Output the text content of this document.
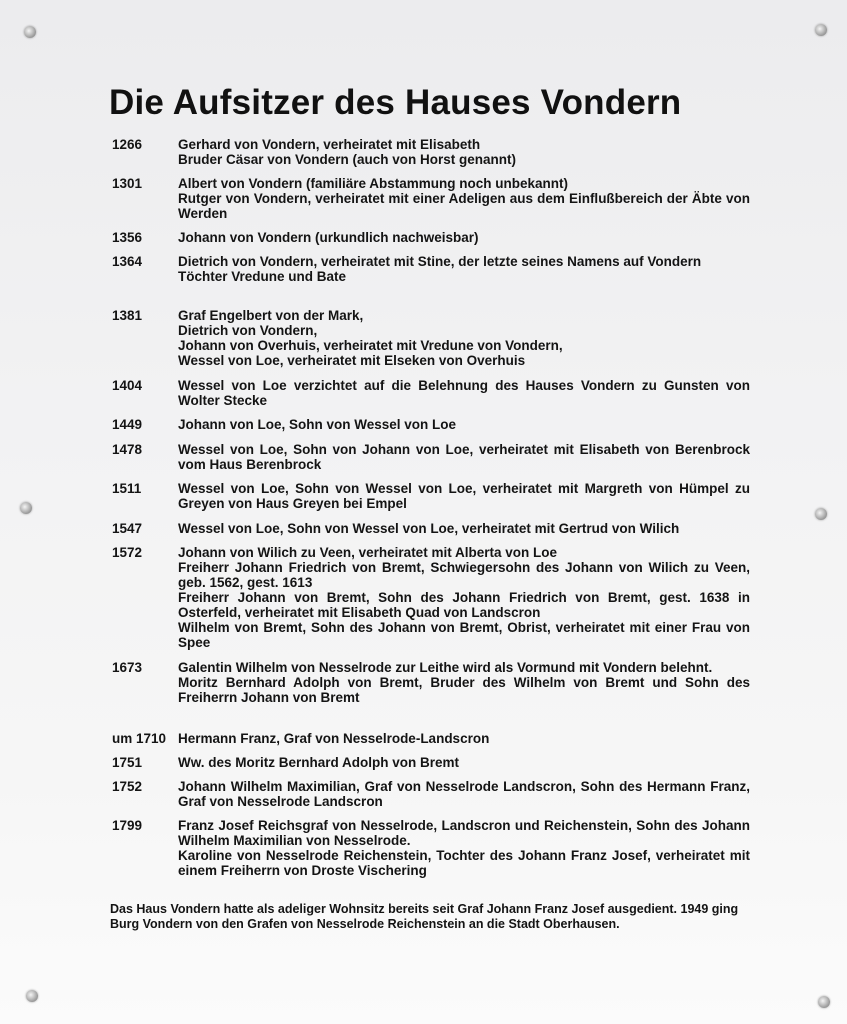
Die Aufsitzer des Hauses Vondern
1266	Gerhard von Vondern, verheiratet mit Elisabeth
Bruder Cäsar von Vondern (auch von Horst genannt)
1301	Albert von Vondern (familiäre Abstammung noch unbekannt)
Rutger von Vondern, verheiratet mit einer Adeligen aus dem Einflußbereich der Äbte von Werden
1356	Johann von Vondern (urkundlich nachweisbar)
1364	Dietrich von Vondern, verheiratet mit Stine, der letzte seines Namens auf Vondern
Töchter Vredune und Bate
1381	Graf Engelbert von der Mark,
Dietrich von Vondern,
Johann von Overhuis, verheiratet mit Vredune von Vondern,
Wessel von Loe, verheiratet mit Elseken von Overhuis
1404	Wessel von Loe verzichtet auf die Belehnung des Hauses Vondern zu Gunsten von Wolter Stecke
1449	Johann von Loe, Sohn von Wessel von Loe
1478	Wessel von Loe, Sohn von Johann von Loe, verheiratet mit Elisabeth von Berenbrock vom Haus Berenbrock
1511	Wessel von Loe, Sohn von Wessel von Loe, verheiratet mit Margreth von Hümpel zu Greyen von Haus Greyen bei Empel
1547	Wessel von Loe, Sohn von Wessel von Loe, verheiratet mit Gertrud von Wilich
1572	Johann von Wilich zu Veen, verheiratet mit Alberta von Loe
Freiherr Johann Friedrich von Bremt, Schwiegersohn des Johann von Wilich zu Veen, geb. 1562, gest. 1613
Freiherr Johann von Bremt, Sohn des Johann Friedrich von Bremt, gest. 1638 in Osterfeld, verheiratet mit Elisabeth Quad von Landscron
Wilhelm von Bremt, Sohn des Johann von Bremt, Obrist, verheiratet mit einer Frau von Spee
1673	Galentin Wilhelm von Nesselrode zur Leithe wird als Vormund mit Vondern belehnt.
Moritz Bernhard Adolph von Bremt, Bruder des Wilhelm von Bremt und Sohn des Freiherrn Johann von Bremt
um 1710 Hermann Franz, Graf von Nesselrode-Landscron
1751	Ww. des Moritz Bernhard Adolph von Bremt
1752	Johann Wilhelm Maximilian, Graf von Nesselrode Landscron, Sohn des Hermann Franz, Graf von Nesselrode Landscron
1799	Franz Josef Reichsgraf von Nesselrode, Landscron und Reichenstein, Sohn des Johann Wilhelm Maximilian von Nesselrode.
Karoline von Nesselrode Reichenstein, Tochter des Johann Franz Josef, verheiratet mit einem Freiherrn von Droste Vischering

Das Haus Vondern hatte als adeliger Wohnsitz bereits seit Graf Johann Franz Josef ausgedient. 1949 ging Burg Vondern von den Grafen von Nesselrode Reichenstein an die Stadt Oberhausen.
